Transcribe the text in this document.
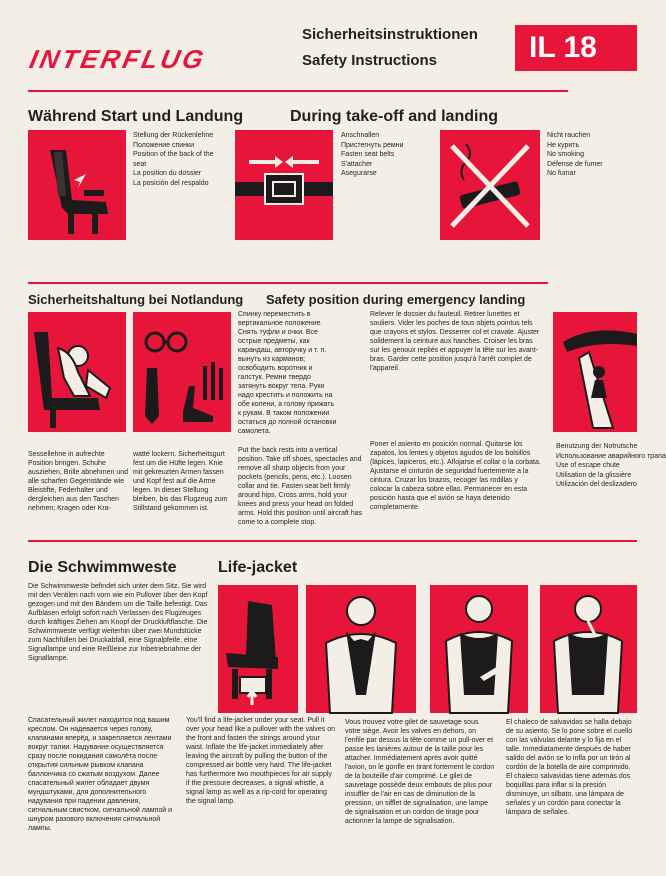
INTERFLUG
Sicherheitsinstruktionen
Safety Instructions	IL 18
Während Start und Landung	During take-off and landing
Stellung der Rückenlehne
Положение спинки
Position of the back of the
seat
La position du dossier
La posición del respaldo
Anschnallen
Пристегнуть ремни
Fasten seat belts
S'attacher
Asegurarse
Nicht rauchen
Не курить
No smoking
Défense de fumer
No fumar
Sicherheitshaltung bei Notlandung Safety position during emergency landing
Спинку переместить в вертикальное положение. Снять туфли и очки. Все острые предметы, как карандаш, авторучку и т. п. вынуть из карманов; освободить воротник и галстук. Ремни твердо затянуть вокруг тела. Руки надо крестить и положить на обе колени, а голову прижать к рукам. В таком положении остаться до полной остановки самолета.
Relever le dossier du fauteuil. Retirer lunettes et souliers. Vider les poches de tous objets pointus tels que crayons et stylos. Desserrer col et cravate. Ajuster solidement la ceinture aux hanches. Croiser les bras sur les genoux repliés et appuyer la tête sur les avant-bras. Garder cette position jusqu'à l'arrêt complet de l'appareil.
Sessellehne in aufrechte Position bringen. Schuhe ausziehen, Brille abnehmen und alle scharfen Gegenstände wie Bleistifte, Federhalter und dergleichen aus den Taschen nehmen; Kragen oder Kra-
watte lockern. Sicherheitsgurt fest um die Hüfte legen. Knie mit gekreuzten Armen fassen und Kopf fest auf die Arme legen. In dieser Stellung bleiben, bis das Flugzeug zum Stillstand gekommen ist.
Put the back rests into a vertical position. Take off shoes, spectacles and remove all sharp objects from your pockets (pencils, pens, etc.). Loosen collar and tie. Fasten seat belt firmly around hips. Cross arms, hold your knees and press your head on folded arms. Hold this position until aircraft has come to a complete stop.
Poner el asiento en posición normal. Quitarse los zapatos, los lentes y objetos agudos de los bolsillos (lápices, lapiceros, etc.). Aflojarse el collar o la corbata. Ajustarse el cinturón de seguridad fuertemente a la cintura. Cruzar los brazos, recoger las rodillas y colocar la cabeza sobre ellas. Permanecer en esta posición hasta que el avión se haya detenido completamente.
Benutzung der Notrutsche
Использование аварийного трапа
Use of escape chute
Utilisation de la glissière
Utilización del deslizadero
Die Schwimmweste	Life-jacket
Die Schwimmweste befindet sich unter dem Sitz. Sie wird mit den Ventilen nach vorn wie ein Pullover über den Kopf gezogen und mit den Bändern um die Taille befestigt. Das Aufblasen erfolgt sofort nach Verlassen des Flugzeuges durch kräftiges Ziehen am Knopf der Druckluftflasche. Die Schwimmweste verfügt weiterhin über zwei Mundstücke zum Nachfüllen bei Druckabfall, eine Signalpfeife, eine Signallampe und eine Reißleine zur Inbetriebnahme der Signallampe.
Спасательный жилет находится под вашим креслом. Он надевается через голову, клапанами вперёд, и закрепляется лентами вокруг талии. Надувание осуществляется сразу после покидания самолёта после открытия сильным рывком клапана баллончика со сжатым воздухом. Далее спасательный жилет обладает двумя мундштуками, для дополнительного надувания при падении давления, сигнальным свистком, сигнальной лампой и шнуром разового включения сигнальной лампы.
You'll find a life-jacket under your seat. Pull it over your head like a pullover with the valves on the front and fasten the strings around your waist. Inflate the life-jacket immediately after leaving the aircraft by pulling the button of the compressed air bottle very hard. The life-jacket has furthermore two mouthpieces for air supply if the pressure decreases, a signal whistle, a signal lamp as well as a rip-cord for operating the signal lamp.
Vous trouvez votre gilet de sauvetage sous votre siège. Avoir les valves en dehors, on l'enfile par dessus la tête comme un pull-over et passe les lanières autour de la taille pour les attacher. Immédiatement après avoir quitté l'avion, on le gonfle en tirant fortement le cordon de la bouteille d'air comprimé. Le gilet de sauvetage possède deux embouts de plus pour insuffler de l'air en cas de diminution de la pression, un sifflet de signalisation, une lampe de signalisation et un cordon de tirage pour actionner la lampe de signalisation.
El chaleco de salvavidas se halla debajo de su asiento. Se lo pone sobre el cuello con las válvulas delante y lo fija en el talle. Inmediatamente después de haber salido del avión se lo infla por un tirón al cordón de la botella de aire comprimido. El chaleco salvavidas tiene además dos boquillas para inflar si la presión disminuye, un silbato, una lámpara de señales y un cordón para conectar la lámpara de señales.
